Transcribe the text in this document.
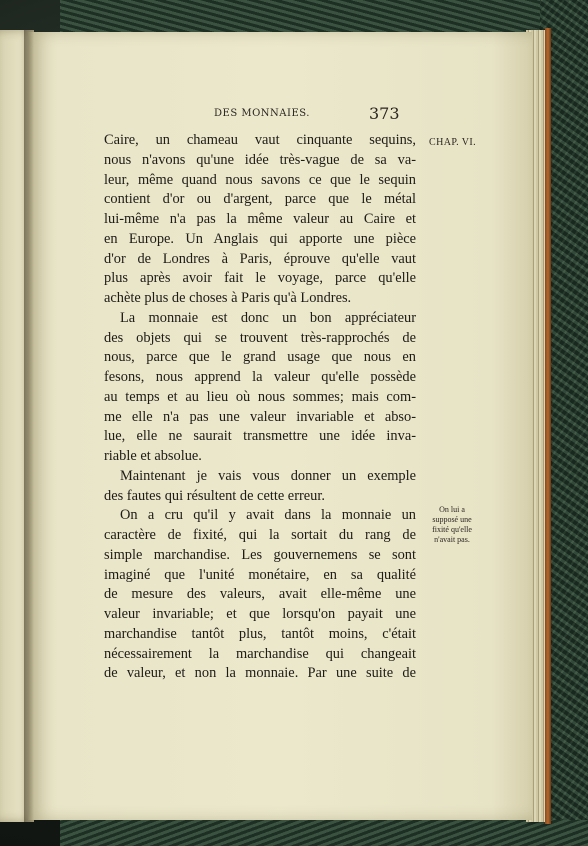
DES MONNAIES.	373
CHAP. VI.
On lui a
supposé une
fixité qu'elle
n'avait pas.
Caire, un chameau vaut cinquante sequins,
nous n'avons qu'une idée très-vague de sa va-
leur, même quand nous savons ce que le sequin
contient d'or ou d'argent, parce que le métal
lui-même n'a pas la même valeur au Caire et
en Europe. Un Anglais qui apporte une pièce
d'or de Londres à Paris, éprouve qu'elle vaut
plus après avoir fait le voyage, parce qu'elle
achète plus de choses à Paris qu'à Londres.
La monnaie est donc un bon appréciateur
des objets qui se trouvent très-rapprochés de
nous, parce que le grand usage que nous en
fesons, nous apprend la valeur qu'elle possède
au temps et au lieu où nous sommes; mais com-
me elle n'a pas une valeur invariable et abso-
lue, elle ne saurait transmettre une idée inva-
riable et absolue.
Maintenant je vais vous donner un exemple
des fautes qui résultent de cette erreur.
On a cru qu'il y avait dans la monnaie un
caractère de fixité, qui la sortait du rang de
simple marchandise. Les gouvernemens se sont
imaginé que l'unité monétaire, en sa qualité
de mesure des valeurs, avait elle-même une
valeur invariable; et que lorsqu'on payait une
marchandise tantôt plus, tantôt moins, c'était
nécessairement la marchandise qui changeait
de valeur, et non la monnaie. Par une suite de
